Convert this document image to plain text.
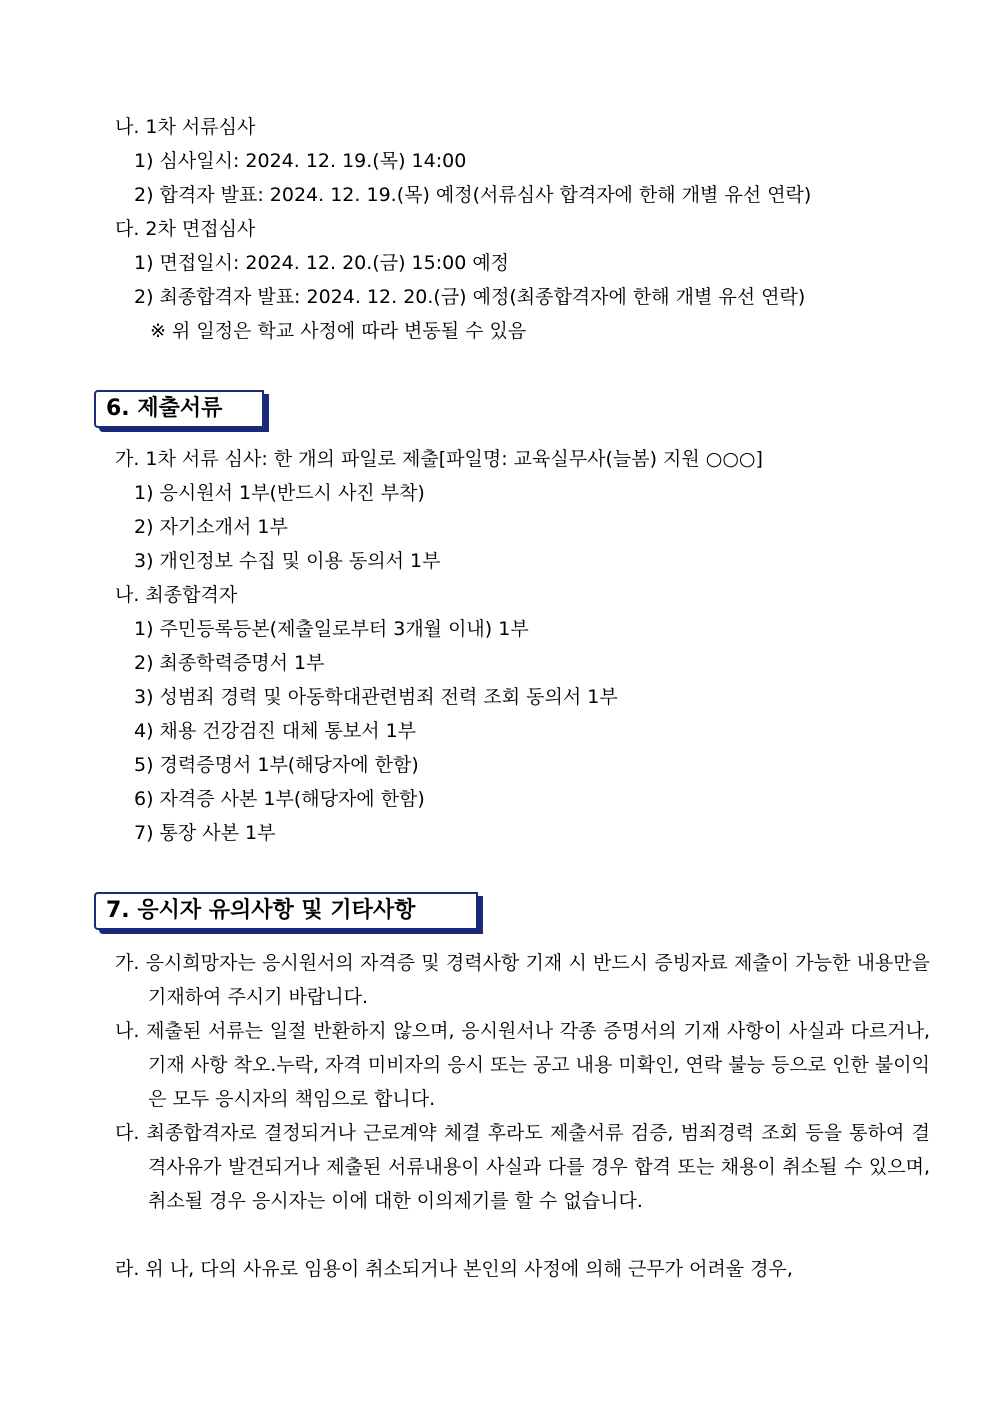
나. 1차 서류심사
1) 심사일시: 2024. 12. 19.(목) 14:00
2) 합격자 발표: 2024. 12. 19.(목) 예정(서류심사 합격자에 한해 개별 유선 연락)
다. 2차 면접심사
1) 면접일시: 2024. 12. 20.(금) 15:00 예정
2) 최종합격자 발표: 2024. 12. 20.(금) 예정(최종합격자에 한해 개별 유선 연락)
※ 위 일정은 학교 사정에 따라 변동될 수 있음
6. 제출서류
가. 1차 서류 심사: 한 개의 파일로 제출[파일명: 교육실무사(늘봄) 지원 ○○○]
1) 응시원서 1부(반드시 사진 부착)
2) 자기소개서 1부
3) 개인정보 수집 및 이용 동의서 1부
나. 최종합격자
1) 주민등록등본(제출일로부터 3개월 이내) 1부
2) 최종학력증명서 1부
3) 성범죄 경력 및 아동학대관련범죄 전력 조회 동의서 1부
4) 채용 건강검진 대체 통보서 1부
5) 경력증명서 1부(해당자에 한함)
6) 자격증 사본 1부(해당자에 한함)
7) 통장 사본 1부
7. 응시자 유의사항 및 기타사항
가. 응시희망자는 응시원서의 자격증 및 경력사항 기재 시 반드시 증빙자료 제출이 가능한 내용만을 기재하여 주시기 바랍니다.
나. 제출된 서류는 일절 반환하지 않으며, 응시원서나 각종 증명서의 기재 사항이 사실과 다르거나, 기재 사항 착오.누락, 자격 미비자의 응시 또는 공고 내용 미확인, 연락 불능 등으로 인한 불이익은 모두 응시자의 책임으로 합니다.
다. 최종합격자로 결정되거나 근로계약 체결 후라도 제출서류 검증, 범죄경력 조회 등을 통하여 결격사유가 발견되거나 제출된 서류내용이 사실과 다를 경우 합격 또는 채용이 취소될 수 있으며, 취소될 경우 응시자는 이에 대한 이의제기를 할 수 없습니다.
라. 위 나, 다의 사유로 임용이 취소되거나 본인의 사정에 의해 근무가 어려울 경우,
